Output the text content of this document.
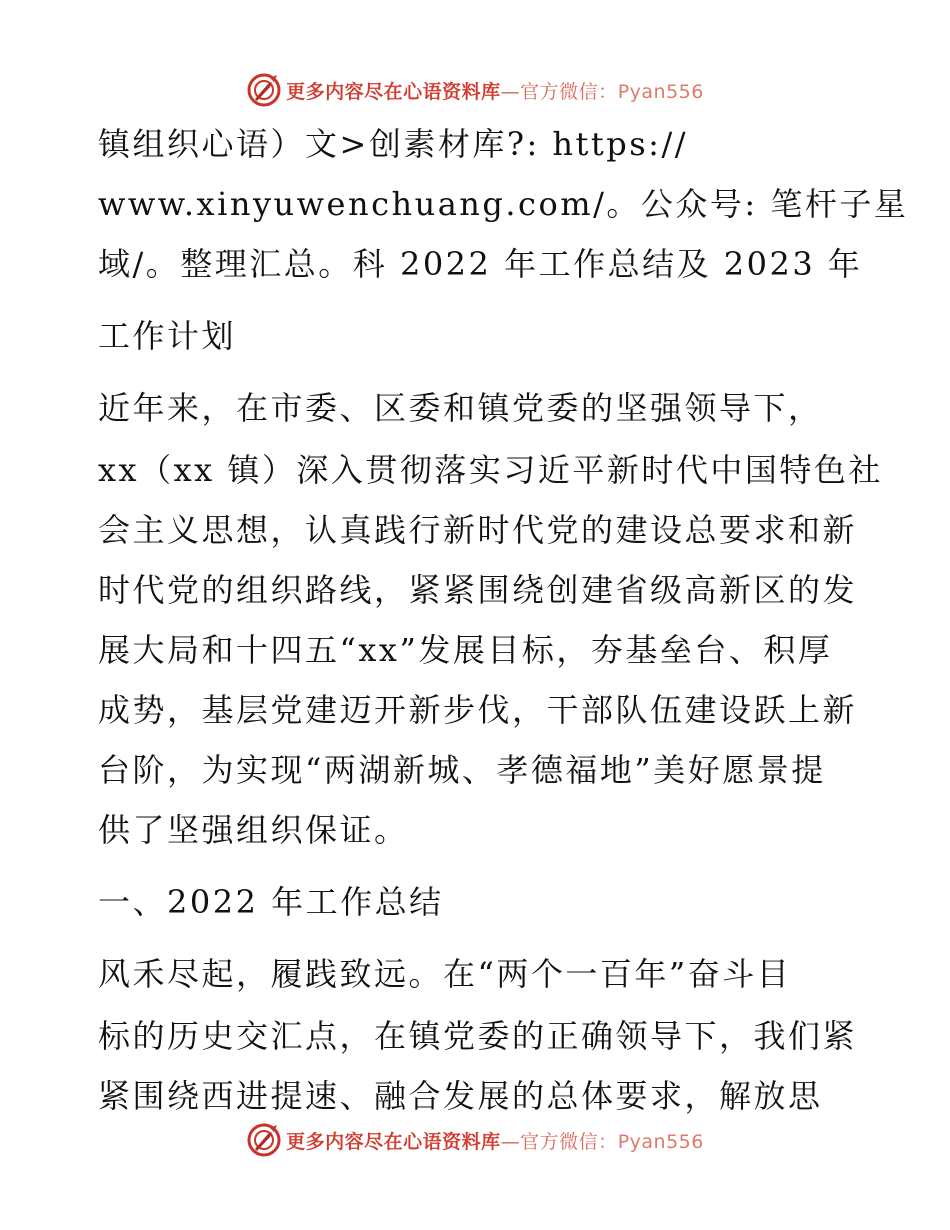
更多内容尽在心语资料库—官方微信：Pyan556
镇组织心语）文>创素材库?: https://
www.xinyuwenchuang.com/。公众号: 笔杆子星
域/。整理汇总。科 2022 年工作总结及 2023 年
工作计划
近年来，在市委、区委和镇党委的坚强领导下，
xx（xx 镇）深入贯彻落实习近平新时代中国特色社
会主义思想，认真践行新时代党的建设总要求和新
时代党的组织路线，紧紧围绕创建省级高新区的发
展大局和十四五“xx”发展目标，夯基垒台、积厚
成势，基层党建迈开新步伐，干部队伍建设跃上新
台阶，为实现“两湖新城、孝德福地”美好愿景提
供了坚强组织保证。
一、2022 年工作总结
风禾尽起，履践致远。在“两个一百年”奋斗目
标的历史交汇点，在镇党委的正确领导下，我们紧
紧围绕西进提速、融合发展的总体要求，解放思
更多内容尽在心语资料库—官方微信：Pyan556
